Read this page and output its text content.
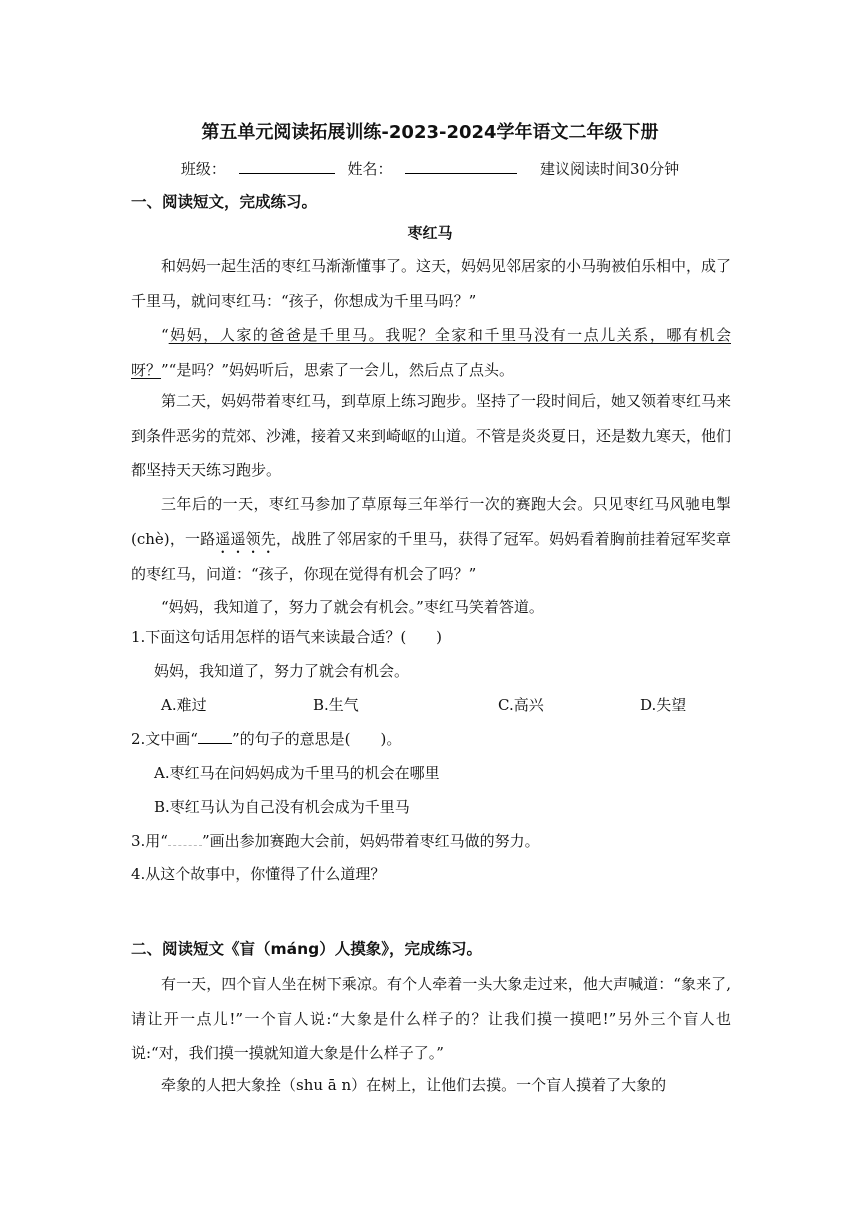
第五单元阅读拓展训练-2023-2024学年语文二年级下册
班级：	姓名：	建议阅读时间30分钟
一、阅读短文，完成练习。
枣红马
和妈妈一起生活的枣红马渐渐懂事了。这天，妈妈见邻居家的小马驹被伯乐相中，成了千里马，就问枣红马：“孩子，你想成为千里马吗？”
“妈妈，人家的爸爸是千里马。我呢？全家和千里马没有一点儿关系，哪有机会呀？”“是吗？”妈妈听后，思索了一会儿，然后点了点头。
第二天，妈妈带着枣红马，到草原上练习跑步。坚持了一段时间后，她又领着枣红马来到条件恶劣的荒郊、沙滩，接着又来到崎岖的山道。不管是炎炎夏日，还是数九寒天，他们都坚持天天练习跑步。
三年后的一天，枣红马参加了草原每三年举行一次的赛跑大会。只见枣红马风驰电掣(chè)，一路遥遥领先，战胜了邻居家的千里马，获得了冠军。妈妈看着胸前挂着冠军奖章的枣红马，问道：“孩子，你现在觉得有机会了吗？”
“妈妈，我知道了，努力了就会有机会。”枣红马笑着答道。
1.下面这句话用怎样的语气来读最合适？(　　)
妈妈，我知道了，努力了就会有机会。
A.难过	B.生气	C.高兴	D.失望
2.文中画“ ”的句子的意思是(　　)。
A.枣红马在问妈妈成为千里马的机会在哪里
B.枣红马认为自己没有机会成为千里马
3.用“ ”画出参加赛跑大会前，妈妈带着枣红马做的努力。
4.从这个故事中，你懂得了什么道理？
二、阅读短文《盲（máng）人摸象》，完成练习。
有一天，四个盲人坐在树下乘凉。有个人牵着一头大象走过来，他大声喊道：“象来了,请让开一点儿!”一个盲人说:“大象是什么样子的？让我们摸一摸吧!”另外三个盲人也说:“对，我们摸一摸就知道大象是什么样子了。”
牵象的人把大象拴（shu ā n）在树上，让他们去摸。一个盲人摸着了大象的
